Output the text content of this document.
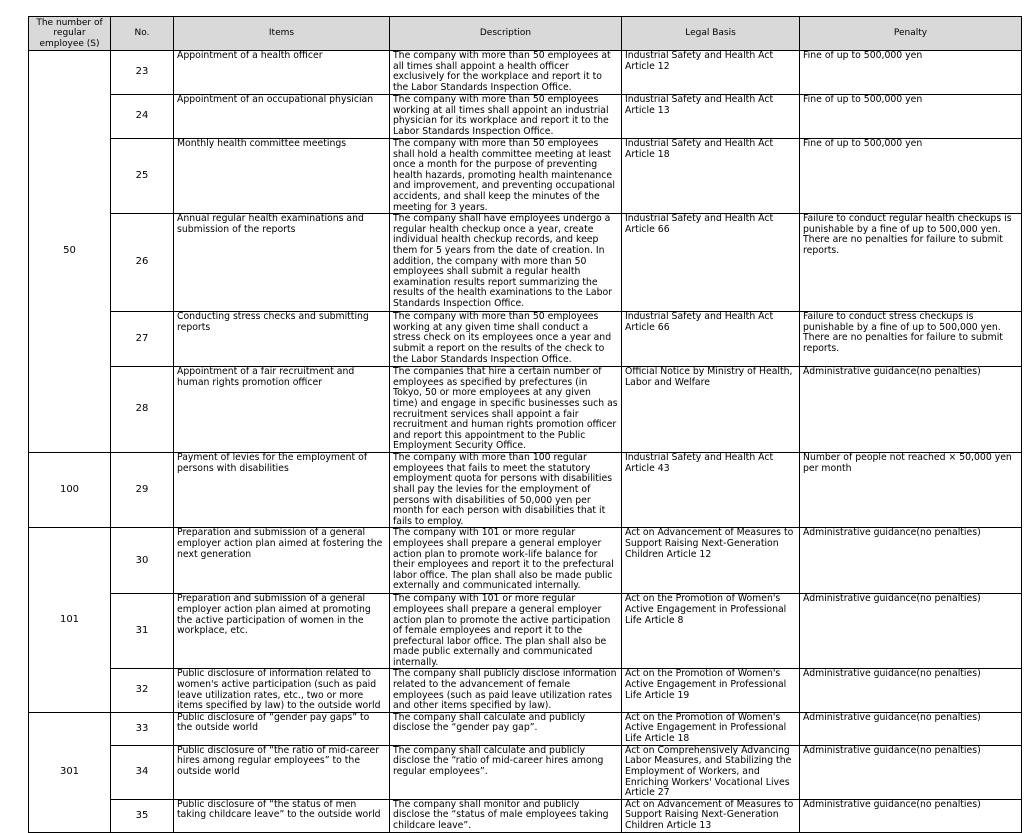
The number of regular employee (S)	No.	Items	Description	Legal Basis	Penalty
50	23	Appointment of a health officer	The company with more than 50 employees at all times shall appoint a health officer exclusively for the workplace and report it to the Labor Standards Inspection Office.	Industrial Safety and Health Act Article 12	Fine of up to 500,000 yen
	24	Appointment of an occupational physician	The company with more than 50 employees working at all times shall appoint an industrial physician for its workplace and report it to the Labor Standards Inspection Office.	Industrial Safety and Health Act Article 13	Fine of up to 500,000 yen
	25	Monthly health committee meetings	The company with more than 50 employees shall hold a health committee meeting at least once a month for the purpose of preventing health hazards, promoting health maintenance and improvement, and preventing occupational accidents, and shall keep the minutes of the meeting for 3 years.	Industrial Safety and Health Act Article 18	Fine of up to 500,000 yen
	26	Annual regular health examinations and submission of the reports	The company shall have employees undergo a regular health checkup once a year, create individual health checkup records, and keep them for 5 years from the date of creation. In addition, the company with more than 50 employees shall submit a regular health examination results report summarizing the results of the health examinations to the Labor Standards Inspection Office.	Industrial Safety and Health Act Article 66	Failure to conduct regular health checkups is punishable by a fine of up to 500,000 yen. There are no penalties for failure to submit reports.
	27	Conducting stress checks and submitting reports	The company with more than 50 employees working at any given time shall conduct a stress check on its employees once a year and submit a report on the results of the check to the Labor Standards Inspection Office.	Industrial Safety and Health Act Article 66	Failure to conduct stress checkups is punishable by a fine of up to 500,000 yen. There are no penalties for failure to submit reports.
	28	Appointment of a fair recruitment and human rights promotion officer	The companies that hire a certain number of employees as specified by prefectures (in Tokyo, 50 or more employees at any given time) and engage in specific businesses such as recruitment services shall appoint a fair recruitment and human rights promotion officer and report this appointment to the Public Employment Security Office.	Official Notice by Ministry of Health, Labor and Welfare	Administrative guidance(no penalties)
100	29	Payment of levies for the employment of persons with disabilities	The company with more than 100 regular employees that fails to meet the statutory employment quota for persons with disabilities shall pay the levies for the employment of persons with disabilities of 50,000 yen per month for each person with disabilities that it fails to employ.	Industrial Safety and Health Act Article 43	Number of people not reached × 50,000 yen per month
101	30	Preparation and submission of a general employer action plan aimed at fostering the next generation	The company with 101 or more regular employees shall prepare a general employer action plan to promote work-life balance for their employees and report it to the prefectural labor office. The plan shall also be made public externally and communicated internally.	Act on Advancement of Measures to Support Raising Next-Generation Children Article 12	Administrative guidance(no penalties)
	31	Preparation and submission of a general employer action plan aimed at promoting the active participation of women in the workplace, etc.	The company with 101 or more regular employees shall prepare a general employer action plan to promote the active participation of female employees and report it to the prefectural labor office. The plan shall also be made public externally and communicated internally.	Act on the Promotion of Women's Active Engagement in Professional Life Article 8	Administrative guidance(no penalties)
	32	Public disclosure of information related to women's active participation (such as paid leave utilization rates, etc., two or more items specified by law) to the outside world	The company shall publicly disclose information related to the advancement of female employees (such as paid leave utilization rates and other items specified by law).	Act on the Promotion of Women's Active Engagement in Professional Life Article 19	Administrative guidance(no penalties)
301	33	Public disclosure of “gender pay gaps” to the outside world	The company shall calculate and publicly disclose the “gender pay gap”.	Act on the Promotion of Women's Active Engagement in Professional Life Article 18	Administrative guidance(no penalties)
	34	Public disclosure of “the ratio of mid-career hires among regular employees” to the outside world	The company shall calculate and publicly disclose the “ratio of mid-career hires among regular employees”.	Act on Comprehensively Advancing Labor Measures, and Stabilizing the Employment of Workers, and Enriching Workers' Vocational Lives Article 27	Administrative guidance(no penalties)
	35	Public disclosure of “the status of men taking childcare leave” to the outside world	The company shall monitor and publicly disclose the “status of male employees taking childcare leave”.	Act on Advancement of Measures to Support Raising Next-Generation Children Article 13	Administrative guidance(no penalties)
